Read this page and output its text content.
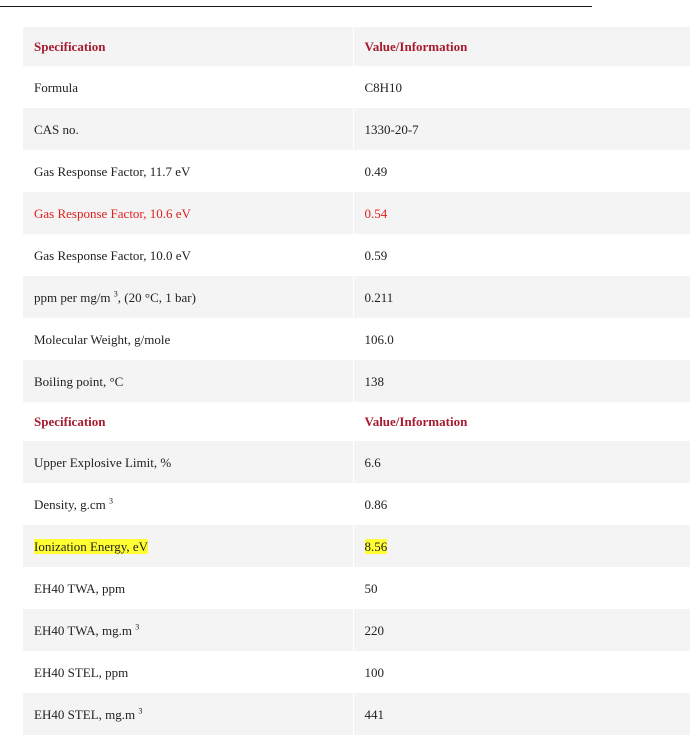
Specification	Value/Information
Formula	C8H10
CAS no.	1330-20-7
Gas Response Factor, 11.7 eV	0.49
Gas Response Factor, 10.6 eV	0.54
Gas Response Factor, 10.0 eV	0.59
ppm per mg/m $^3$, (20 °C, 1 bar)	0.211
Molecular Weight, g/mole	106.0
Boiling point, °C	138
Specification	Value/Information
Upper Explosive Limit, %	6.6
Density, g.cm $^3$	0.86
Ionization Energy, eV	8.56
EH40 TWA, ppm	50
EH40 TWA, mg.m $^3$	220
EH40 STEL, ppm	100
EH40 STEL, mg.m $^3$	441
